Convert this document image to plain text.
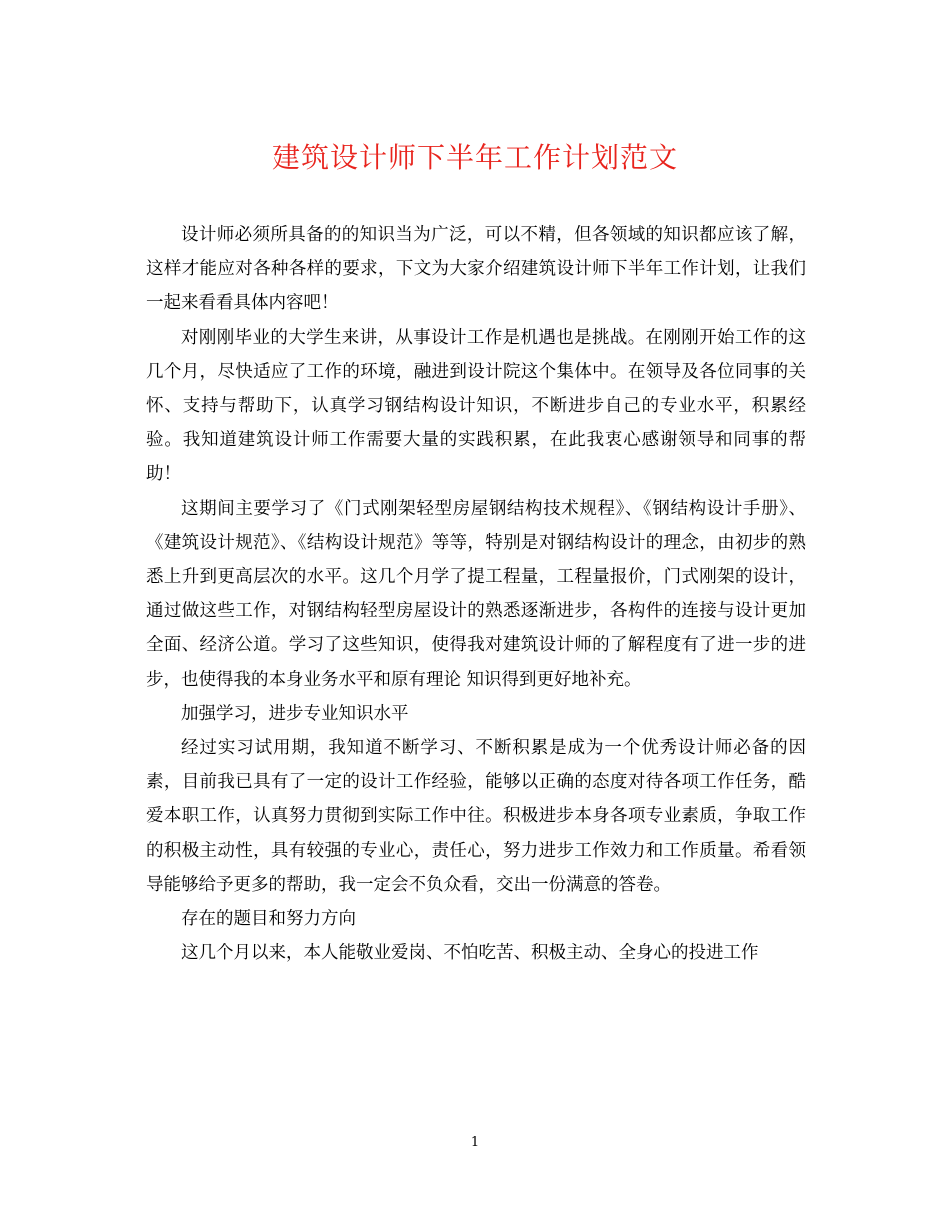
建筑设计师下半年工作计划范文

设计师必须所具备的的知识当为广泛，可以不精，但各领域的知识都应该了解，这样才能应对各种各样的要求，下文为大家介绍建筑设计师下半年工作计划，让我们一起来看看具体内容吧！

对刚刚毕业的大学生来讲，从事设计工作是机遇也是挑战。在刚刚开始工作的这几个月，尽快适应了工作的环境，融进到设计院这个集体中。在领导及各位同事的关怀、支持与帮助下，认真学习钢结构设计知识，不断进步自己的专业水平，积累经验。我知道建筑设计师工作需要大量的实践积累，在此我衷心感谢领导和同事的帮助！

这期间主要学习了《门式刚架轻型房屋钢结构技术规程》、《钢结构设计手册》、《建筑设计规范》、《结构设计规范》等等，特别是对钢结构设计的理念，由初步的熟悉上升到更高层次的水平。这几个月学了提工程量，工程量报价，门式刚架的设计，通过做这些工作，对钢结构轻型房屋设计的熟悉逐渐进步，各构件的连接与设计更加全面、经济公道。学习了这些知识，使得我对建筑设计师的了解程度有了进一步的进步，也使得我的本身业务水平和原有理论 知识得到更好地补充。

加强学习，进步专业知识水平

经过实习试用期，我知道不断学习、不断积累是成为一个优秀设计师必备的因素，目前我已具有了一定的设计工作经验，能够以正确的态度对待各项工作任务，酷爱本职工作，认真努力贯彻到实际工作中往。积极进步本身各项专业素质，争取工作的积极主动性，具有较强的专业心，责任心，努力进步工作效力和工作质量。希看领导能够给予更多的帮助，我一定会不负众看，交出一份满意的答卷。

存在的题目和努力方向

这几个月以来，本人能敬业爱岗、不怕吃苦、积极主动、全身心的投进工作

1
